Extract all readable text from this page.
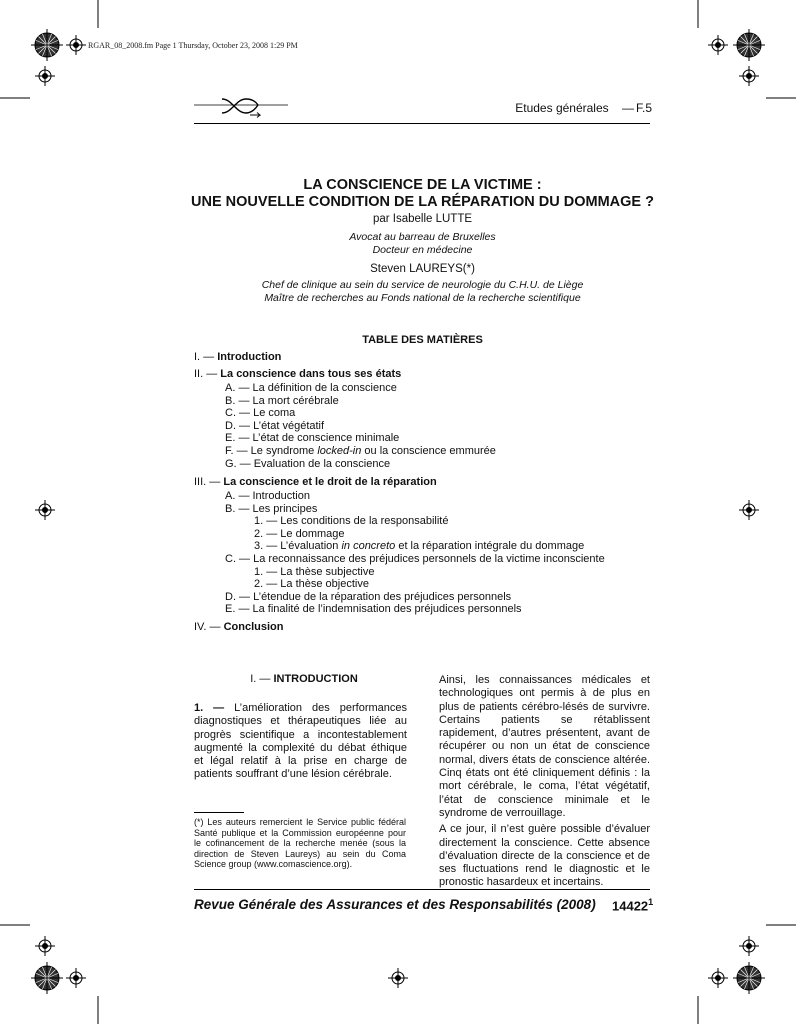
RGAR_08_2008.fm Page 1 Thursday, October 23, 2008 1:29 PM
Etudes générales — F.5
LA CONSCIENCE DE LA VICTIME :
UNE NOUVELLE CONDITION DE LA RÉPARATION DU DOMMAGE ?
par Isabelle LUTTE
Avocat au barreau de Bruxelles
Docteur en médecine
Steven LAUREYS(*)
Chef de clinique au sein du service de neurologie du C.H.U. de Liège
Maître de recherches au Fonds national de la recherche scientifique
TABLE DES MATIÈRES
I. — Introduction
II. — La conscience dans tous ses états
A. — La définition de la conscience
B. — La mort cérébrale
C. — Le coma
D. — L’état végétatif
E. — L’état de conscience minimale
F. — Le syndrome locked-in ou la conscience emmurée
G. — Evaluation de la conscience
III. — La conscience et le droit de la réparation
A. — Introduction
B. — Les principes
1. — Les conditions de la responsabilité
2. — Le dommage
3. — L’évaluation in concreto et la réparation intégrale du dommage
C. — La reconnaissance des préjudices personnels de la victime inconsciente
1. — La thèse subjective
2. — La thèse objective
D. — L’étendue de la réparation des préjudices personnels
E. — La finalité de l’indemnisation des préjudices personnels
IV. — Conclusion
I. — INTRODUCTION

1. — L’amélioration des performances diagnostiques et thérapeutiques liée au progrès scientifique a incontestablement augmenté la complexité du débat éthique et légal relatif à la prise en charge de patients souffrant d’une lésion cérébrale.

(*) Les auteurs remercient le Service public fédéral Santé publique et la Commission européenne pour le cofinancement de la recherche menée (sous la direction de Steven Laureys) au sein du Coma Science group (www.comascience.org).

Ainsi, les connaissances médicales et technologiques ont permis à de plus en plus de patients cérébro-lésés de survivre. Certains patients se rétablissent rapidement, d’autres présentent, avant de récupérer ou non un état de conscience normal, divers états de conscience altérée. Cinq états ont été cliniquement définis : la mort cérébrale, le coma, l’état végétatif, l’état de conscience minimale et le syndrome de verrouillage.

A ce jour, il n’est guère possible d’évaluer directement la conscience. Cette absence d’évaluation directe de la conscience et de ses fluctuations rend le diagnostic et le pronostic hasardeux et incertains.

Revue Générale des Assurances et des Responsabilités (2008) 14422$^1$
